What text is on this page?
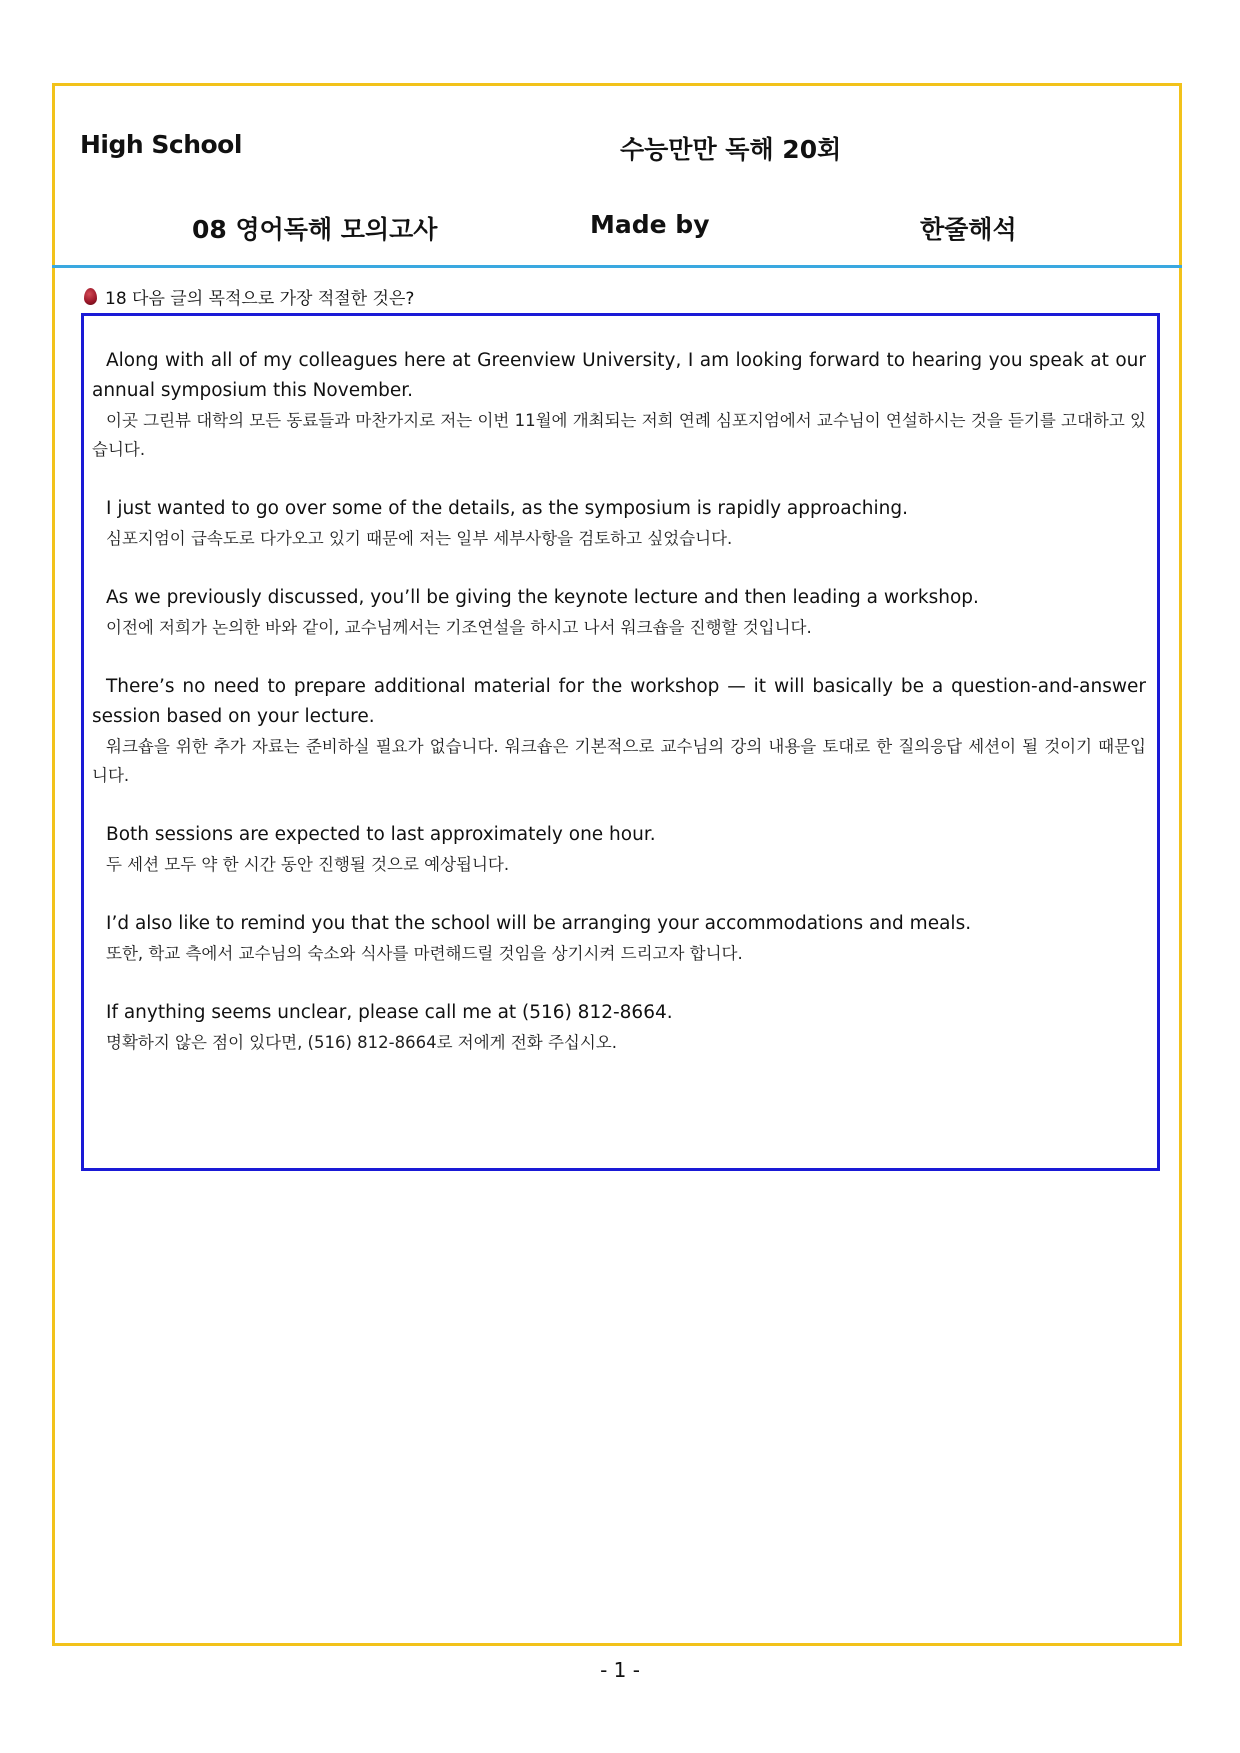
High School	수능만만 독해 20회
08 영어독해 모의고사	Made by	한줄해석
18 다음 글의 목적으로 가장 적절한 것은?
Along with all of my colleagues here at Greenview University, I am looking forward to hearing you speak at our annual symposium this November.
이곳 그린뷰 대학의 모든 동료들과 마찬가지로 저는 이번 11월에 개최되는 저희 연례 심포지엄에서 교수님이 연설하시는 것을 듣기를 고대하고 있습니다.
I just wanted to go over some of the details, as the symposium is rapidly approaching.
심포지엄이 급속도로 다가오고 있기 때문에 저는 일부 세부사항을 검토하고 싶었습니다.
As we previously discussed, you’ll be giving the keynote lecture and then leading a workshop.
이전에 저희가 논의한 바와 같이, 교수님께서는 기조연설을 하시고 나서 워크숍을 진행할 것입니다.
There’s no need to prepare additional material for the workshop — it will basically be a question-and-answer session based on your lecture.
워크숍을 위한 추가 자료는 준비하실 필요가 없습니다. 워크숍은 기본적으로 교수님의 강의 내용을 토대로 한 질의응답 세션이 될 것이기 때문입니다.
Both sessions are expected to last approximately one hour.
두 세션 모두 약 한 시간 동안 진행될 것으로 예상됩니다.
I’d also like to remind you that the school will be arranging your accommodations and meals.
또한, 학교 측에서 교수님의 숙소와 식사를 마련해드릴 것임을 상기시켜 드리고자 합니다.
If anything seems unclear, please call me at (516) 812-8664.
명확하지 않은 점이 있다면, (516) 812-8664로 저에게 전화 주십시오.
- 1 -
